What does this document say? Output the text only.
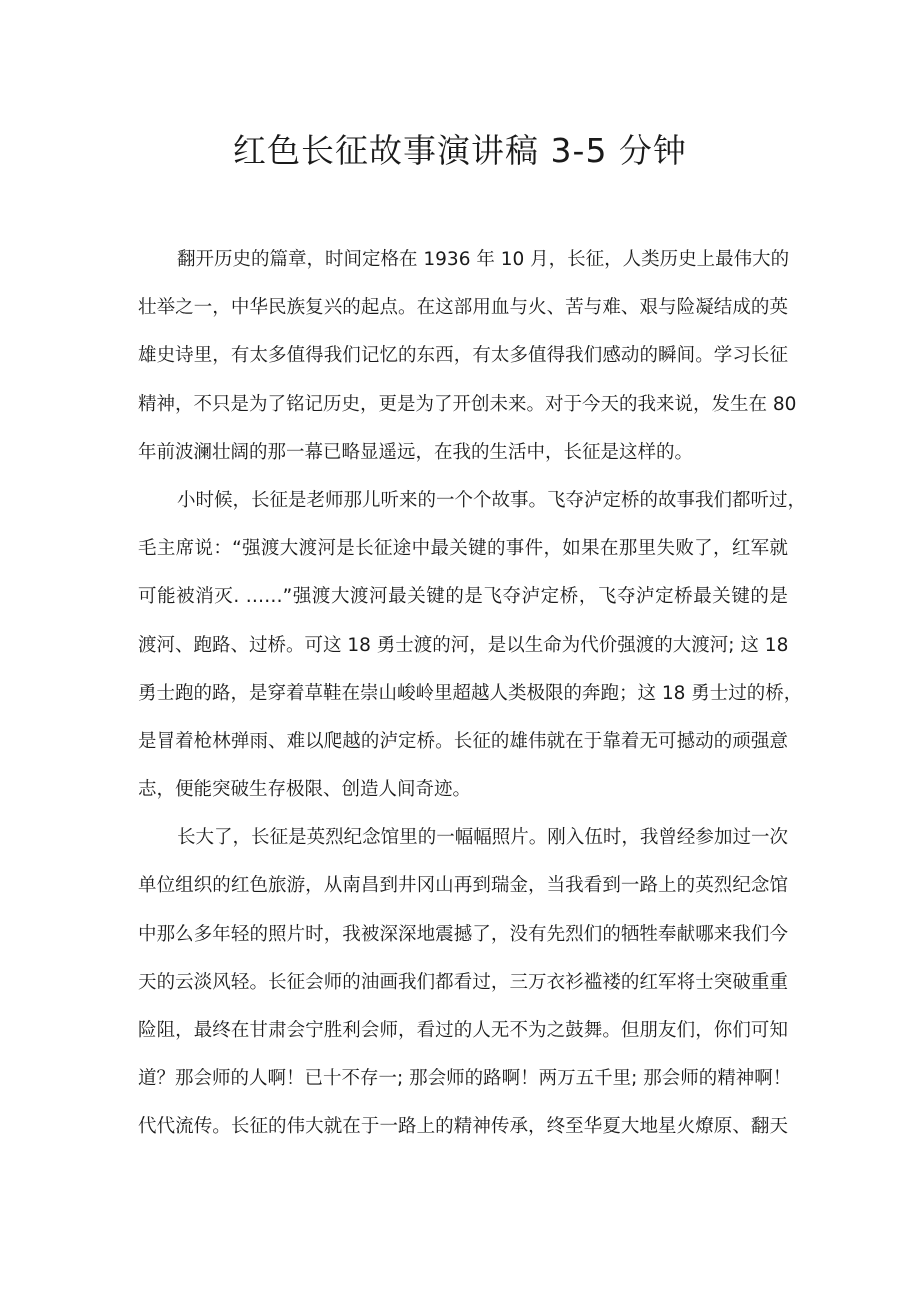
红色长征故事演讲稿 3-5 分钟
翻开历史的篇章，时间定格在 1936 年 10 月，长征，人类历史上最伟大的
壮举之一，中华民族复兴的起点。在这部用血与火、苦与难、艰与险凝结成的英
雄史诗里，有太多值得我们记忆的东西，有太多值得我们感动的瞬间。学习长征
精神，不只是为了铭记历史，更是为了开创未来。对于今天的我来说，发生在 80
年前波澜壮阔的那一幕已略显遥远，在我的生活中，长征是这样的。
小时候，长征是老师那儿听来的一个个故事。飞夺泸定桥的故事我们都听过，
毛主席说：“强渡大渡河是长征途中最关键的事件，如果在那里失败了，红军就
可能被消灭. ……”强渡大渡河最关键的是飞夺泸定桥，飞夺泸定桥最关键的是
渡河、跑路、过桥。可这 18 勇士渡的河，是以生命为代价强渡的大渡河; 这 18
勇士跑的路，是穿着草鞋在崇山峻岭里超越人类极限的奔跑；这 18 勇士过的桥，
是冒着枪林弹雨、难以爬越的泸定桥。长征的雄伟就在于靠着无可撼动的顽强意
志，便能突破生存极限、创造人间奇迹。
长大了，长征是英烈纪念馆里的一幅幅照片。刚入伍时，我曾经参加过一次
单位组织的红色旅游，从南昌到井冈山再到瑞金，当我看到一路上的英烈纪念馆
中那么多年轻的照片时，我被深深地震撼了，没有先烈们的牺牲奉献哪来我们今
天的云淡风轻。长征会师的油画我们都看过，三万衣衫褴褛的红军将士突破重重
险阻，最终在甘肃会宁胜利会师，看过的人无不为之鼓舞。但朋友们，你们可知
道？那会师的人啊！已十不存一; 那会师的路啊！两万五千里; 那会师的精神啊！
代代流传。长征的伟大就在于一路上的精神传承，终至华夏大地星火燎原、翻天
